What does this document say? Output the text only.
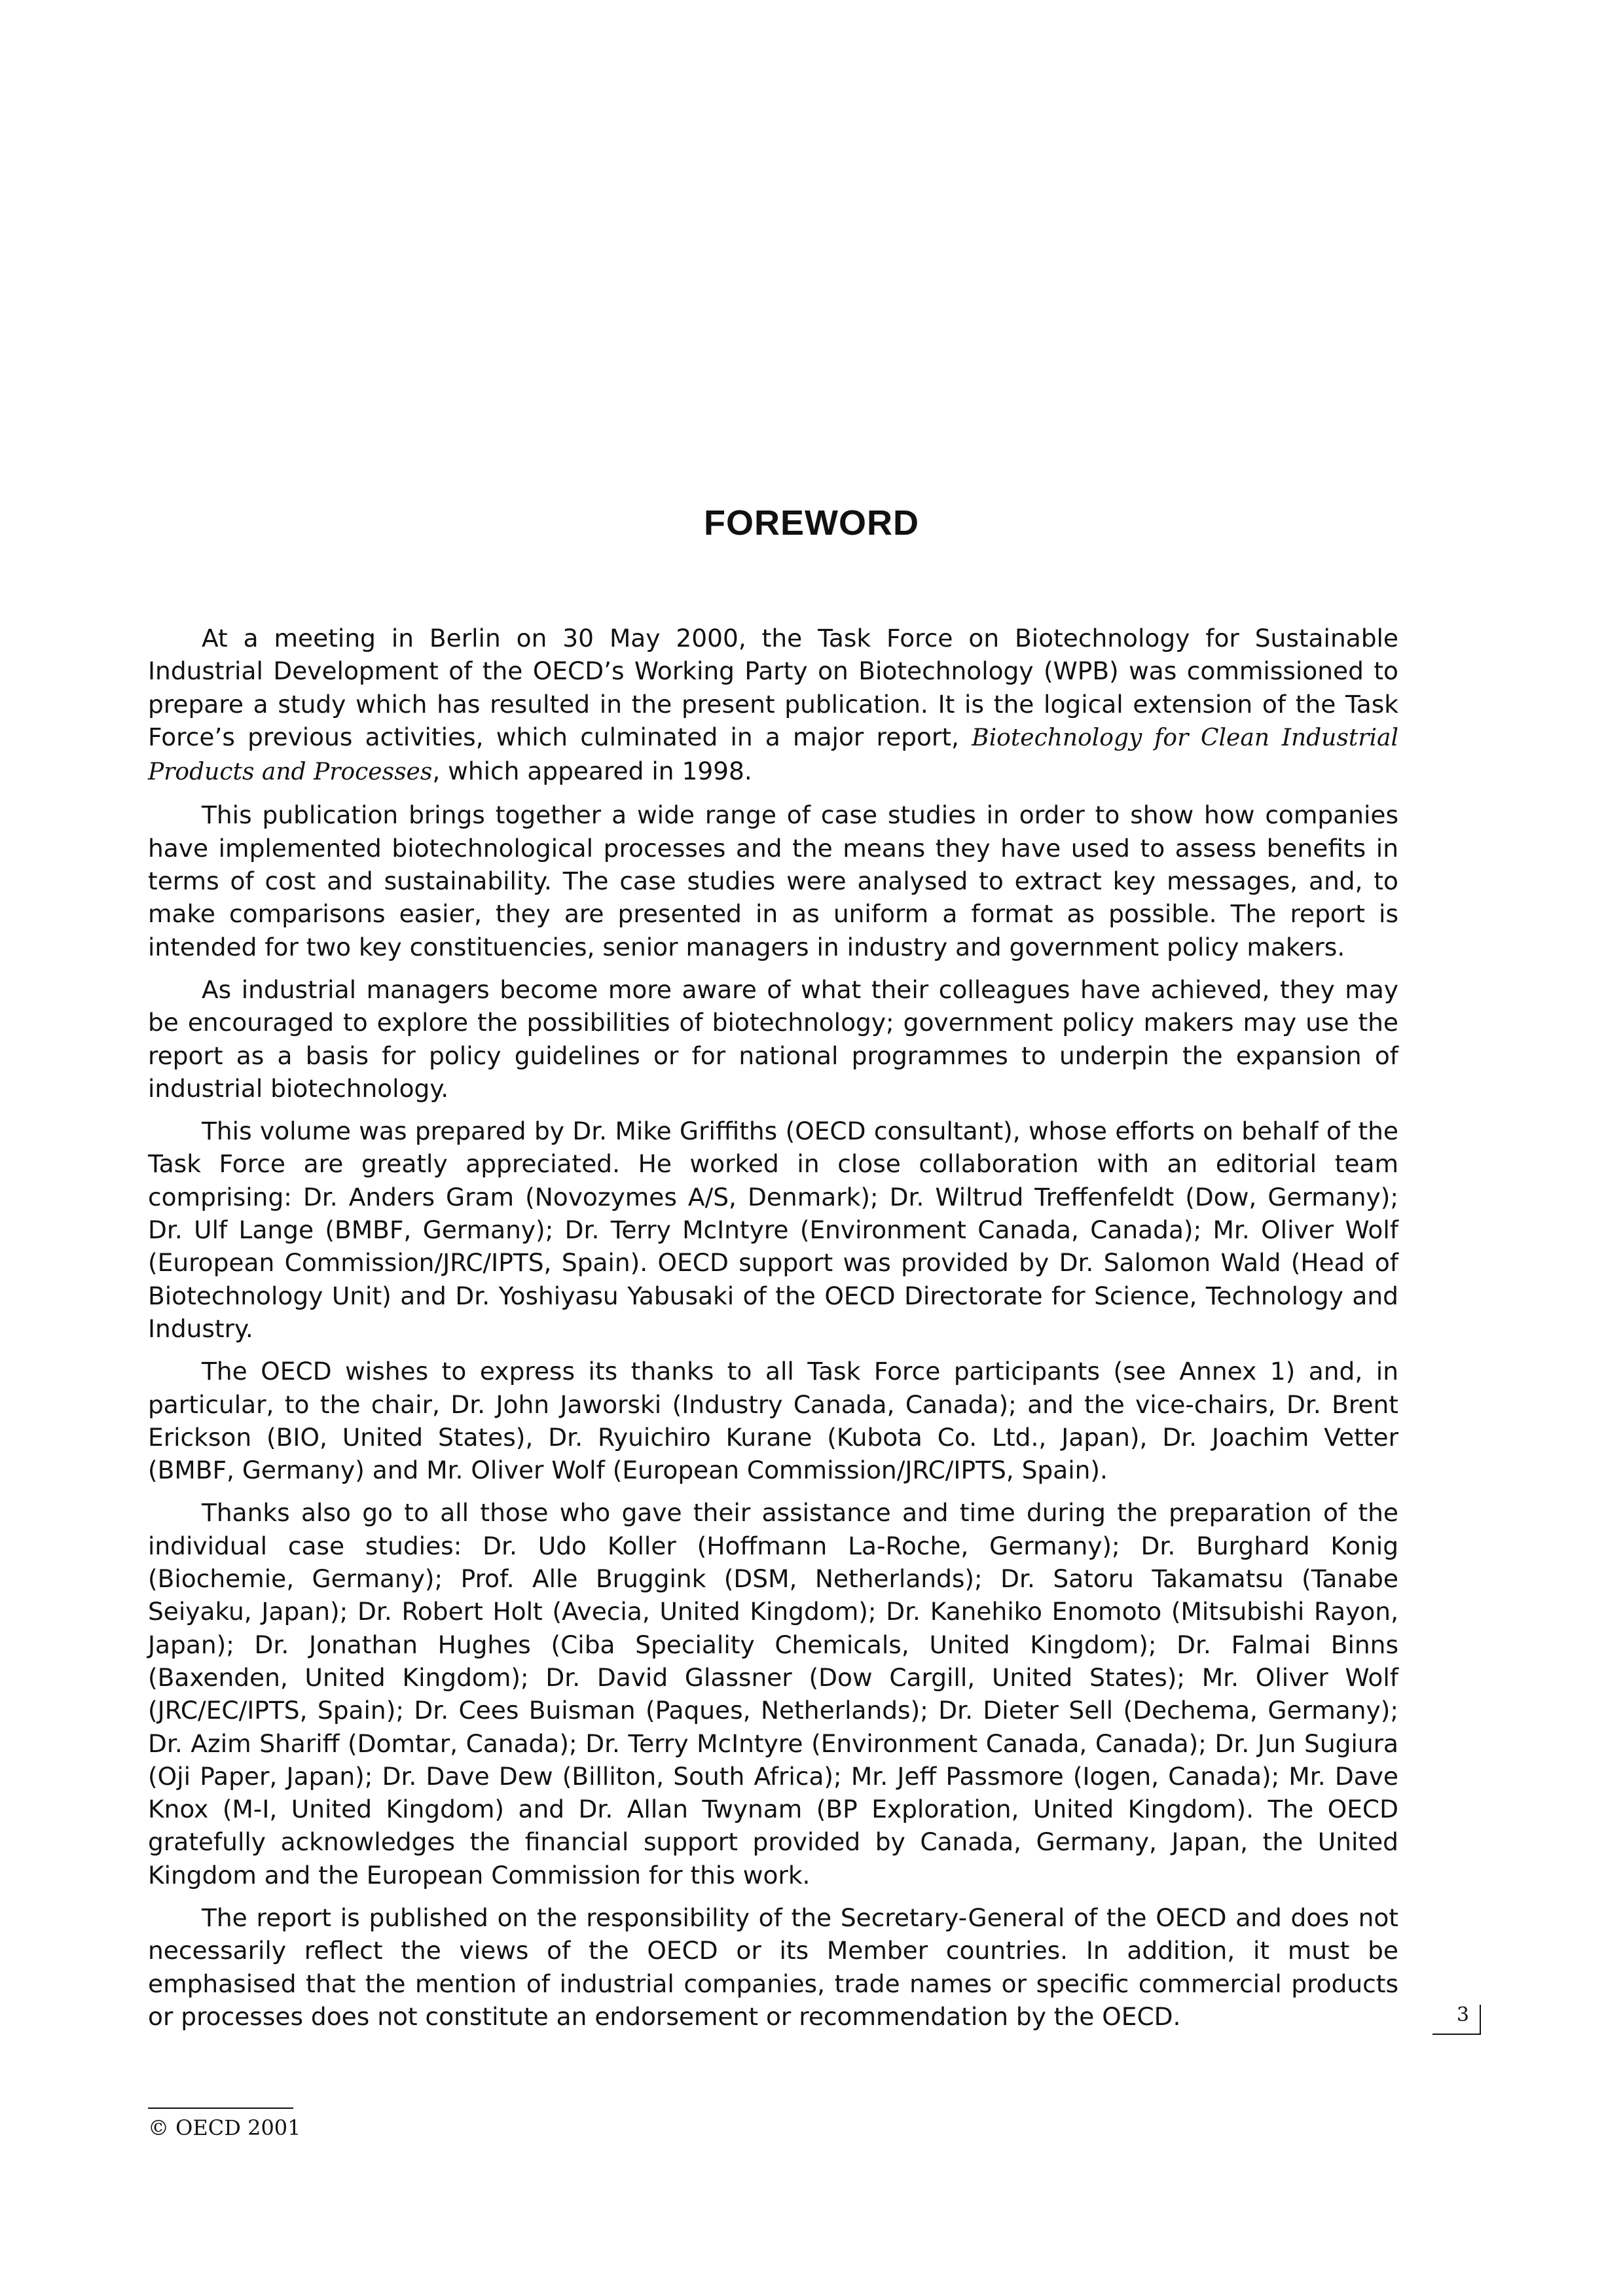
FOREWORD

At a meeting in Berlin on 30 May 2000, the Task Force on Biotechnology for Sustainable Industrial Development of the OECD’s Working Party on Biotechnology (WPB) was commissioned to prepare a study which has resulted in the present publication. It is the logical extension of the Task Force’s previous activities, which culminated in a major report, Biotechnology for Clean Industrial Products and Processes, which appeared in 1998.

This publication brings together a wide range of case studies in order to show how companies have implemented biotechnological processes and the means they have used to assess benefits in terms of cost and sustainability. The case studies were analysed to extract key messages, and, to make comparisons easier, they are presented in as uniform a format as possible. The report is intended for two key constituencies, senior managers in industry and government policy makers.

As industrial managers become more aware of what their colleagues have achieved, they may be encouraged to explore the possibilities of biotechnology; government policy makers may use the report as a basis for policy guidelines or for national programmes to underpin the expansion of industrial biotechnology.

This volume was prepared by Dr. Mike Griffiths (OECD consultant), whose efforts on behalf of the Task Force are greatly appreciated. He worked in close collaboration with an editorial team comprising: Dr. Anders Gram (Novozymes A/S, Denmark); Dr. Wiltrud Treffenfeldt (Dow, Germany); Dr. Ulf Lange (BMBF, Germany); Dr. Terry McIntyre (Environment Canada, Canada); Mr. Oliver Wolf (European Commission/JRC/IPTS, Spain). OECD support was provided by Dr. Salomon Wald (Head of Biotechnology Unit) and Dr. Yoshiyasu Yabusaki of the OECD Directorate for Science, Technology and Industry.

The OECD wishes to express its thanks to all Task Force participants (see Annex 1) and, in particular, to the chair, Dr. John Jaworski (Industry Canada, Canada); and the vice-chairs, Dr. Brent Erickson (BIO, United States), Dr. Ryuichiro Kurane (Kubota Co. Ltd., Japan), Dr. Joachim Vetter (BMBF, Germany) and Mr. Oliver Wolf (European Commission/JRC/IPTS, Spain).

Thanks also go to all those who gave their assistance and time during the preparation of the individual case studies: Dr. Udo Koller (Hoffmann La-Roche, Germany); Dr. Burghard Konig (Biochemie, Germany); Prof. Alle Bruggink (DSM, Netherlands); Dr. Satoru Takamatsu (Tanabe Seiyaku, Japan); Dr. Robert Holt (Avecia, United Kingdom); Dr. Kanehiko Enomoto (Mitsubishi Rayon, Japan); Dr. Jonathan Hughes (Ciba Speciality Chemicals, United Kingdom); Dr. Falmai Binns (Baxenden, United Kingdom); Dr. David Glassner (Dow Cargill, United States); Mr. Oliver Wolf (JRC/EC/IPTS, Spain); Dr. Cees Buisman (Paques, Netherlands); Dr. Dieter Sell (Dechema, Germany); Dr. Azim Shariff (Domtar, Canada); Dr. Terry McIntyre (Environment Canada, Canada); Dr. Jun Sugiura (Oji Paper, Japan); Dr. Dave Dew (Billiton, South Africa); Mr. Jeff Passmore (Iogen, Canada); Mr. Dave Knox (M-I, United Kingdom) and Dr. Allan Twynam (BP Exploration, United Kingdom). The OECD gratefully acknowledges the financial support provided by Canada, Germany, Japan, the United Kingdom and the European Commission for this work.

The report is published on the responsibility of the Secretary-General of the OECD and does not necessarily reflect the views of the OECD or its Member countries. In addition, it must be emphasised that the mention of industrial companies, trade names or specific commercial products or processes does not constitute an endorsement or recommendation by the OECD.	3
© OECD 2001
